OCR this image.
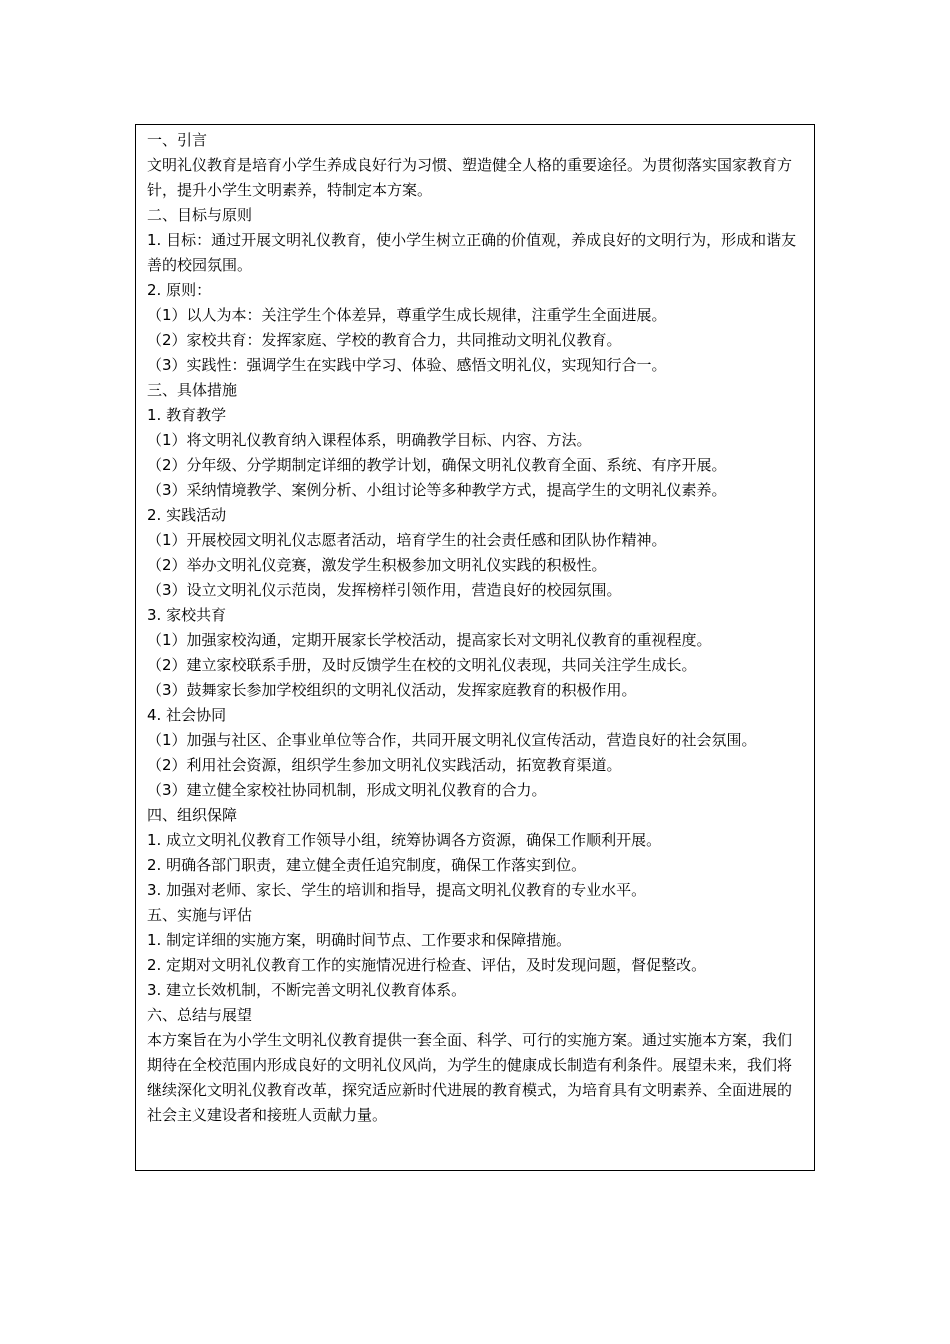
一、引言

文明礼仪教育是培育小学生养成良好行为习惯、塑造健全人格的重要途径。为贯彻落实国家教育方针，提升小学生文明素养，特制定本方案。

二、目标与原则

1. 目标：通过开展文明礼仪教育，使小学生树立正确的价值观，养成良好的文明行为，形成和谐友善的校园氛围。

2. 原则：

（1）以人为本：关注学生个体差异，尊重学生成长规律，注重学生全面进展。

（2）家校共育：发挥家庭、学校的教育合力，共同推动文明礼仪教育。

（3）实践性：强调学生在实践中学习、体验、感悟文明礼仪，实现知行合一。

三、具体措施

1. 教育教学

（1）将文明礼仪教育纳入课程体系，明确教学目标、内容、方法。

（2）分年级、分学期制定详细的教学计划，确保文明礼仪教育全面、系统、有序开展。

（3）采纳情境教学、案例分析、小组讨论等多种教学方式，提高学生的文明礼仪素养。

2. 实践活动

（1）开展校园文明礼仪志愿者活动，培育学生的社会责任感和团队协作精神。

（2）举办文明礼仪竞赛，激发学生积极参加文明礼仪实践的积极性。

（3）设立文明礼仪示范岗，发挥榜样引领作用，营造良好的校园氛围。

3. 家校共育

（1）加强家校沟通，定期开展家长学校活动，提高家长对文明礼仪教育的重视程度。

（2）建立家校联系手册，及时反馈学生在校的文明礼仪表现，共同关注学生成长。

（3）鼓舞家长参加学校组织的文明礼仪活动，发挥家庭教育的积极作用。

4. 社会协同

（1）加强与社区、企事业单位等合作，共同开展文明礼仪宣传活动，营造良好的社会氛围。

（2）利用社会资源，组织学生参加文明礼仪实践活动，拓宽教育渠道。

（3）建立健全家校社协同机制，形成文明礼仪教育的合力。

四、组织保障

1. 成立文明礼仪教育工作领导小组，统筹协调各方资源，确保工作顺利开展。

2. 明确各部门职责，建立健全责任追究制度，确保工作落实到位。

3. 加强对老师、家长、学生的培训和指导，提高文明礼仪教育的专业水平。

五、实施与评估

1. 制定详细的实施方案，明确时间节点、工作要求和保障措施。

2. 定期对文明礼仪教育工作的实施情况进行检查、评估，及时发现问题，督促整改。

3. 建立长效机制，不断完善文明礼仪教育体系。

六、总结与展望

本方案旨在为小学生文明礼仪教育提供一套全面、科学、可行的实施方案。通过实施本方案，我们期待在全校范围内形成良好的文明礼仪风尚，为学生的健康成长制造有利条件。展望未来，我们将继续深化文明礼仪教育改革，探究适应新时代进展的教育模式，为培育具有文明素养、全面进展的社会主义建设者和接班人贡献力量。
